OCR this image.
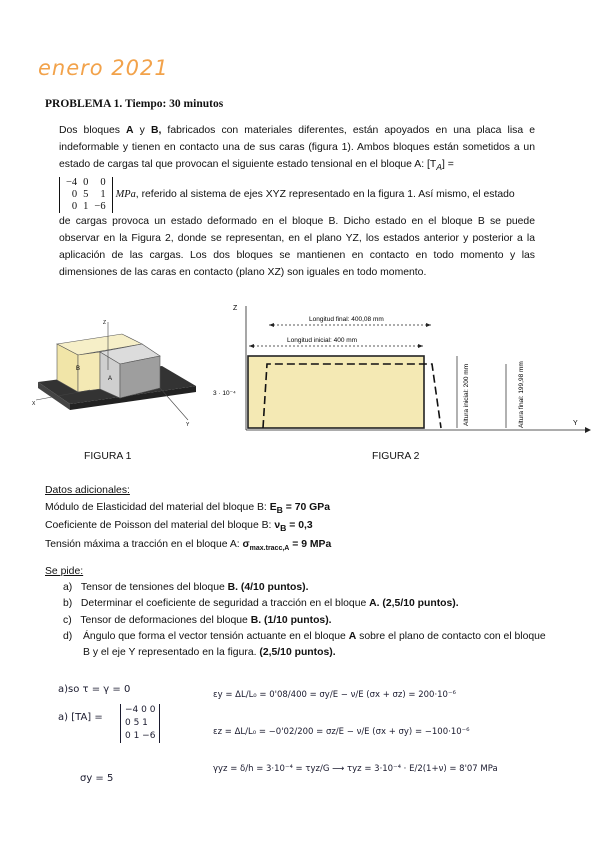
enero 2021
PROBLEMA 1. Tiempo: 30 minutos
Dos bloques A y B, fabricados con materiales diferentes, están apoyados en una placa lisa e indeformable y tienen en contacto una de sus caras (figura 1). Ambos bloques están sometidos a un estado de cargas tal que provocan el siguiente estado tensional en el bloque A: $[T_A]$ =
−4	0	0
0	5	1
0	1	−6
MPa , referido al sistema de ejes XYZ representado en la figura 1. Así mismo, el estado
de cargas provoca un estado deformado en el bloque B. Dicho estado en el bloque B se puede observar en la Figura 2, donde se representan, en el plano YZ, los estados anterior y posterior a la aplicación de las cargas. Los dos bloques se mantienen en contacto en todo momento y las dimensiones de las caras en contacto (plano XZ) son iguales en todo momento.
B
A
Z
X
Y
Z
Y
3 · 10⁻⁴
Longitud final: 400,08 mm
Longitud inicial: 400 mm
Altura inicial: 200 mm	Altura final: 199,98 mm
FIGURA 1	FIGURA 2
Datos adicionales:
Módulo de Elasticidad del material del bloque B: $E_B = 70$ GPa
Coeficiente de Poisson del material del bloque B: $\nu_B = 0,3$
Tensión máxima a tracción en el bloque A: $\sigma_{max.tracc,A} = 9$ MPa
Se pide:
a) Tensor de tensiones del bloque B. (4/10 puntos).
b) Determinar el coeficiente de seguridad a tracción en el bloque A. (2,5/10 puntos).
c) Tensor de deformaciones del bloque B. (1/10 puntos).
d)	Ángulo que forma el vector tensión actuante en el bloque A sobre el plano de contacto con el bloque B y el eje Y representado en la figura. (2,5/10 puntos).
a)so τ = γ = 0
a) [TA] =
−4 0 0
0 5 1
0 1 −6
σy = 5
εy = ΔL/L₀ = 0'08/400 = σy/E − ν/E (σx + σz) = 200·10⁻⁶
εz = ΔL/L₀ = −0'02/200 = σz/E − ν/E (σx + σy) = −100·10⁻⁶
γyz = δ/h = 3·10⁻⁴ = τyz/G ⟶ τyz = 3·10⁻⁴ · E/2(1+ν) = 8'07 MPa
